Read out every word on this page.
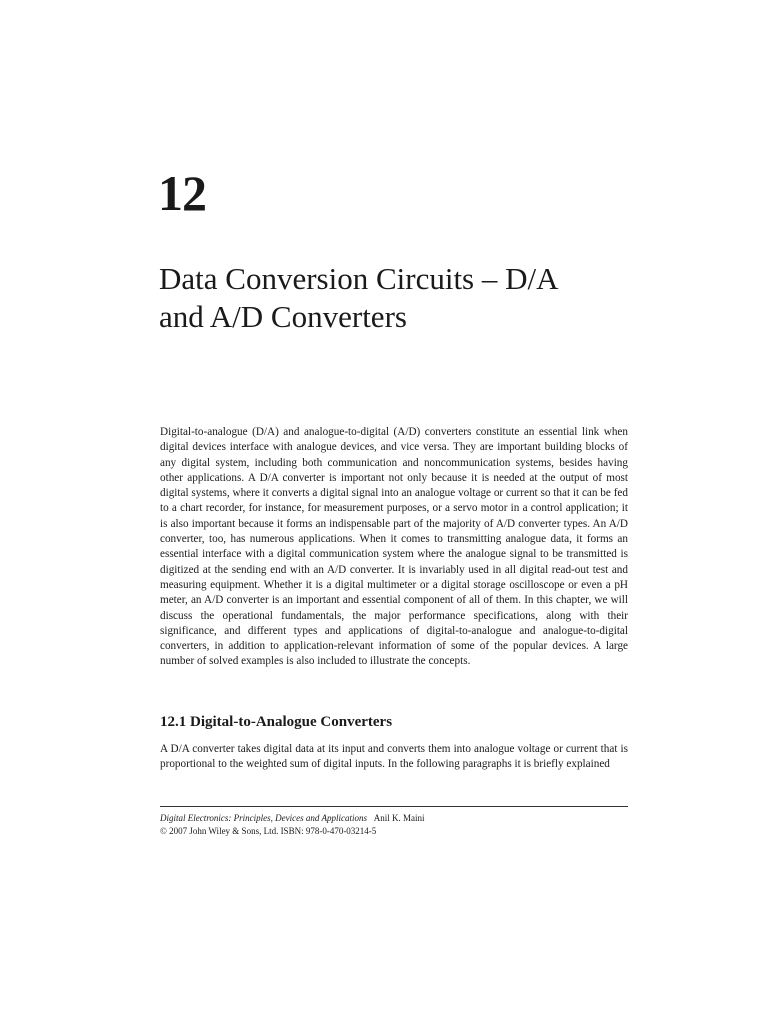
12
Data Conversion Circuits – D/A
and A/D Converters

Digital-to-analogue (D/A) and analogue-to-digital (A/D) converters constitute an essential link when digital devices interface with analogue devices, and vice versa. They are important building blocks of any digital system, including both communication and noncommunication systems, besides having other applications. A D/A converter is important not only because it is needed at the output of most digital systems, where it converts a digital signal into an analogue voltage or current so that it can be fed to a chart recorder, for instance, for measurement purposes, or a servo motor in a control application; it is also important because it forms an indispensable part of the majority of A/D converter types. An A/D converter, too, has numerous applications. When it comes to transmitting analogue data, it forms an essential interface with a digital communication system where the analogue signal to be transmitted is digitized at the sending end with an A/D converter. It is invariably used in all digital read-out test and measuring equipment. Whether it is a digital multimeter or a digital storage oscilloscope or even a pH meter, an A/D converter is an important and essential component of all of them. In this chapter, we will discuss the operational fundamentals, the major performance specifications, along with their significance, and different types and applications of digital-to-analogue and analogue-to-digital converters, in addition to application-relevant information of some of the popular devices. A large number of solved examples is also included to illustrate the concepts.

12.1 Digital-to-Analogue Converters

A D/A converter takes digital data at its input and converts them into analogue voltage or current that is proportional to the weighted sum of digital inputs. In the following paragraphs it is briefly explained

Digital Electronics: Principles, Devices and Applications Anil K. Maini
© 2007 John Wiley & Sons, Ltd. ISBN: 978-0-470-03214-5
